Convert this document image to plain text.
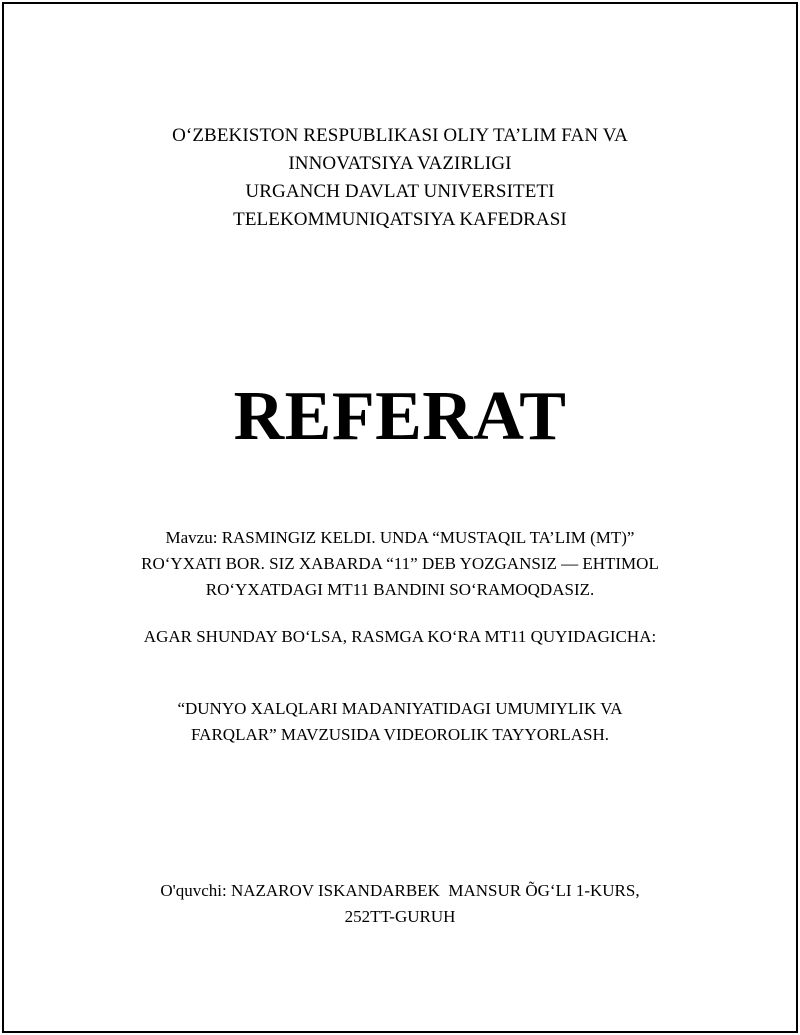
O‘ZBEKISTON RESPUBLIKASI OLIY TA’LIM FAN VA
INNOVATSIYA VAZIRLIGI
URGANCH DAVLAT UNIVERSITETI
TELEKOMMUNIQATSIYA KAFEDRASI
REFERAT
Mavzu: RASMINGIZ KELDI. UNDA “MUSTAQIL TA’LIM (MT)”
RO‘YXATI BOR. SIZ XABARDA “11” DEB YOZGANSIZ — EHTIMOL
RO‘YXATDAGI MT11 BANDINI SO‘RAMOQDASIZ.
AGAR SHUNDAY BO‘LSA, RASMGA KO‘RA MT11 QUYIDAGICHA:
“DUNYO XALQLARI MADANIYATIDAGI UMUMIYLIK VA
FARQLAR” MAVZUSIDA VIDEOROLIK TAYYORLASH.
O'quvchi: NAZAROV ISKANDARBEK  MANSUR ÕG‘LI 1-KURS,
252TT-GURUH
